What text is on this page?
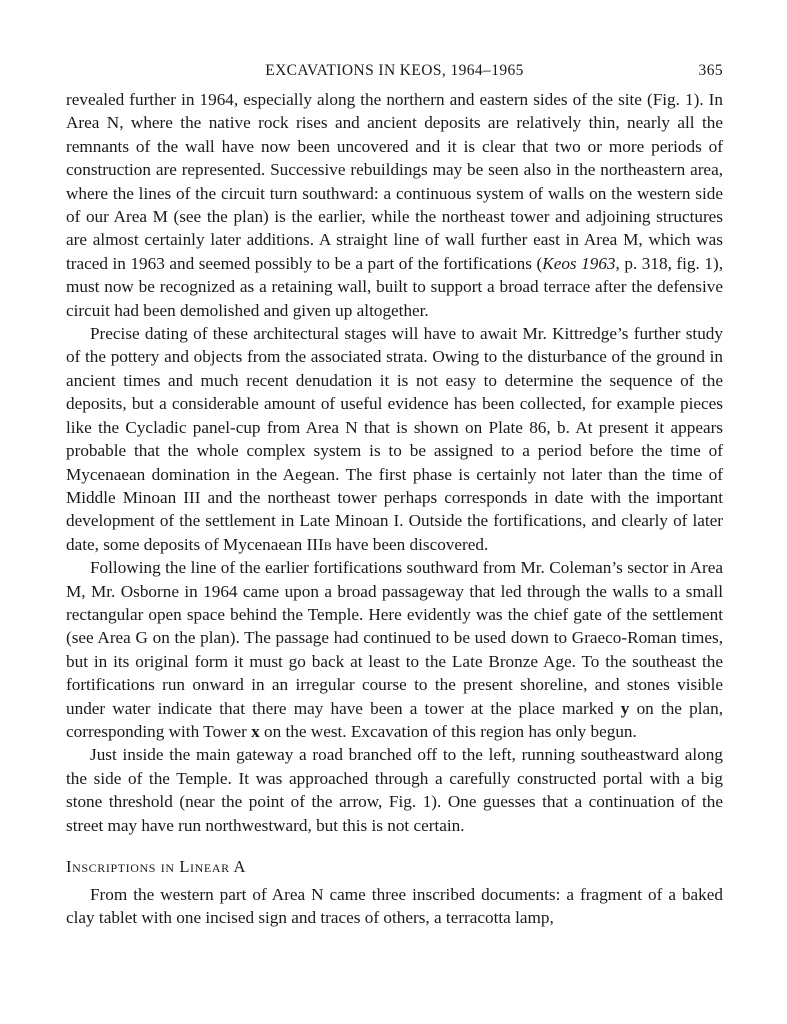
EXCAVATIONS IN KEOS, 1964–1965	365

revealed further in 1964, especially along the northern and eastern sides of the site (Fig. 1). In Area N, where the native rock rises and ancient deposits are relatively thin, nearly all the remnants of the wall have now been uncovered and it is clear that two or more periods of construction are represented. Successive rebuildings may be seen also in the northeastern area, where the lines of the circuit turn southward: a continuous system of walls on the western side of our Area M (see the plan) is the earlier, while the northeast tower and adjoining structures are almost certainly later additions. A straight line of wall further east in Area M, which was traced in 1963 and seemed possibly to be a part of the fortifications (Keos 1963, p. 318, fig. 1), must now be recognized as a retaining wall, built to support a broad terrace after the defensive circuit had been demolished and given up altogether.

Precise dating of these architectural stages will have to await Mr. Kittredge’s further study of the pottery and objects from the associated strata. Owing to the disturbance of the ground in ancient times and much recent denudation it is not easy to determine the sequence of the deposits, but a considerable amount of useful evidence has been collected, for example pieces like the Cycladic panel-cup from Area N that is shown on Plate 86, b. At present it appears probable that the whole complex system is to be assigned to a period before the time of Mycenaean domination in the Aegean. The first phase is certainly not later than the time of Middle Minoan III and the northeast tower perhaps corresponds in date with the important development of the settlement in Late Minoan I. Outside the fortifications, and clearly of later date, some deposits of Mycenaean IIIb have been discovered.

Following the line of the earlier fortifications southward from Mr. Coleman’s sector in Area M, Mr. Osborne in 1964 came upon a broad passageway that led through the walls to a small rectangular open space behind the Temple. Here evidently was the chief gate of the settlement (see Area G on the plan). The passage had continued to be used down to Graeco-Roman times, but in its original form it must go back at least to the Late Bronze Age. To the southeast the fortifications run onward in an irregular course to the present shoreline, and stones visible under water indicate that there may have been a tower at the place marked y on the plan, corresponding with Tower x on the west. Excavation of this region has only begun.

Just inside the main gateway a road branched off to the left, running southeastward along the side of the Temple. It was approached through a carefully constructed portal with a big stone threshold (near the point of the arrow, Fig. 1). One guesses that a continuation of the street may have run northwestward, but this is not certain.

Inscriptions in Linear A

From the western part of Area N came three inscribed documents: a fragment of a baked clay tablet with one incised sign and traces of others, a terracotta lamp,
